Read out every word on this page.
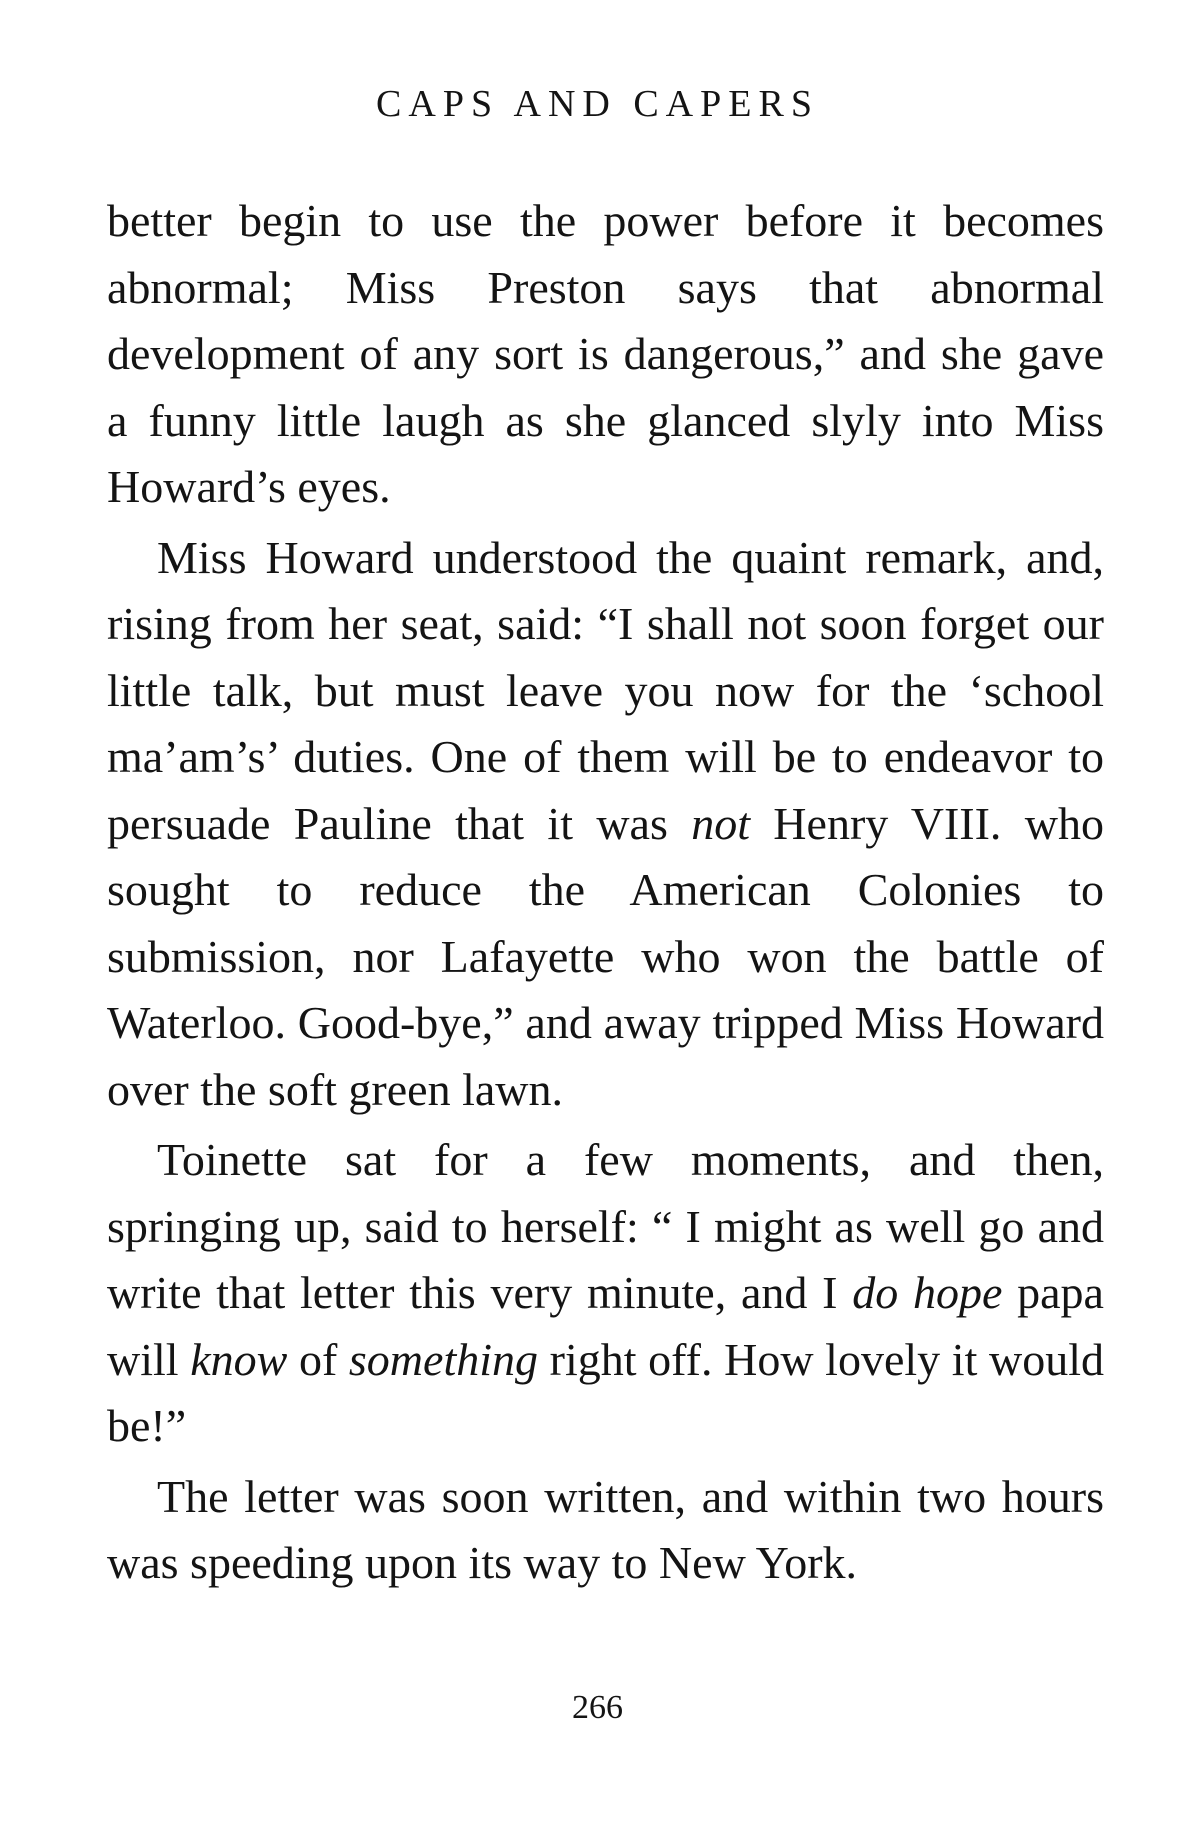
CAPS AND CAPERS

better begin to use the power before it becomes abnormal; Miss Preston says that abnormal development of any sort is dangerous,” and she gave a funny little laugh as she glanced slyly into Miss Howard’s eyes.

Miss Howard understood the quaint remark, and, rising from her seat, said: “I shall not soon forget our little talk, but must leave you now for the ‘school ma’am’s’ duties. One of them will be to endeavor to persuade Pauline that it was not Henry VIII. who sought to reduce the American Colonies to submission, nor Lafayette who won the battle of Waterloo. Good-bye,” and away tripped Miss Howard over the soft green lawn.

Toinette sat for a few moments, and then, springing up, said to herself: “ I might as well go and write that letter this very minute, and I do hope papa will know of something right off. How lovely it would be!”

The letter was soon written, and within two hours was speeding upon its way to New York.

266
